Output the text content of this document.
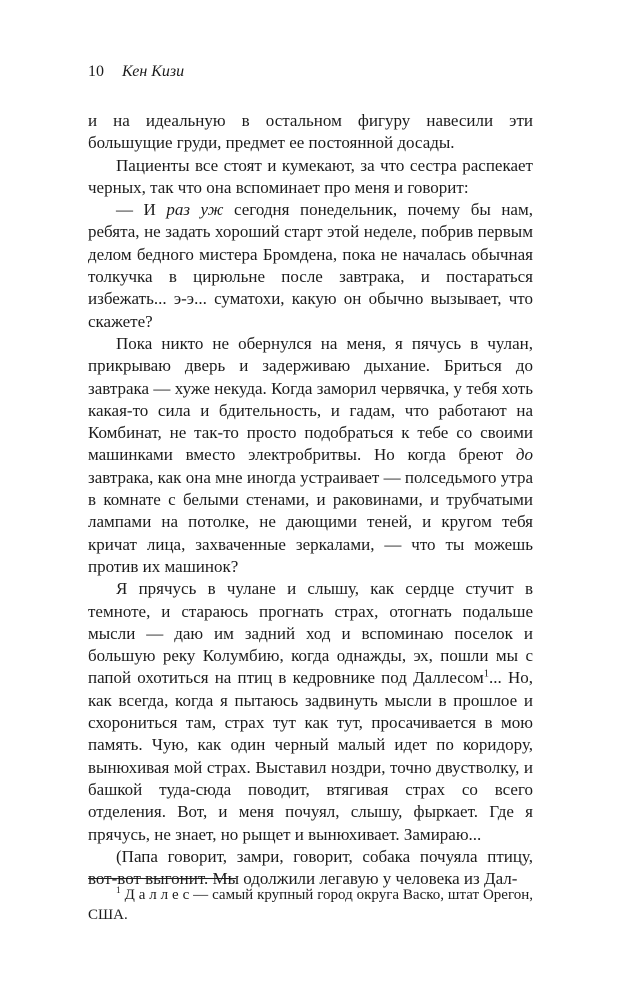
10 Кен Кизи

и на идеальную в остальном фигуру навесили эти большущие груди, предмет ее постоянной досады.

Пациенты все стоят и кумекают, за что сестра распекает черных, так что она вспоминает про меня и говорит:

— И раз уж сегодня понедельник, почему бы нам, ребята, не задать хороший старт этой неделе, побрив первым делом бедного мистера Бромдена, пока не началась обычная толкучка в цирюльне после завтрака, и постараться избежать... э-э... суматохи, какую он обычно вызывает, что скажете?

Пока никто не обернулся на меня, я пячусь в чулан, прикрываю дверь и задерживаю дыхание. Бриться до завтрака — хуже некуда. Когда заморил червячка, у тебя хоть какая-то сила и бдительность, и гадам, что работают на Комбинат, не так-то просто подобраться к тебе со своими машинками вместо электробритвы. Но когда бреют до завтрака, как она мне иногда устраивает — полседьмого утра в комнате с белыми стенами, и раковинами, и трубчатыми лампами на потолке, не дающими теней, и кругом тебя кричат лица, захваченные зеркалами, — что ты можешь против их машинок?

Я прячусь в чулане и слышу, как сердце стучит в темноте, и стараюсь прогнать страх, отогнать подальше мысли — даю им задний ход и вспоминаю поселок и большую реку Колумбию, когда однажды, эх, пошли мы с папой охотиться на птиц в кедровнике под Даллесом$^1$... Но, как всегда, когда я пытаюсь задвинуть мысли в прошлое и схорониться там, страх тут как тут, просачивается в мою память. Чую, как один черный малый идет по коридору, вынюхивая мой страх. Выставил ноздри, точно двустволку, и башкой туда-сюда поводит, втягивая страх со всего отделения. Вот, и меня почуял, слышу, фыркает. Где я прячусь, не знает, но рыщет и вынюхивает. Замираю...

(Папа говорит, замри, говорит, собака почуяла птицу, вот-вот выгонит. Мы одолжили легавую у человека из Дал-

$^1$ Д а л л е с — самый крупный город округа Васко, штат Орегон, США.
